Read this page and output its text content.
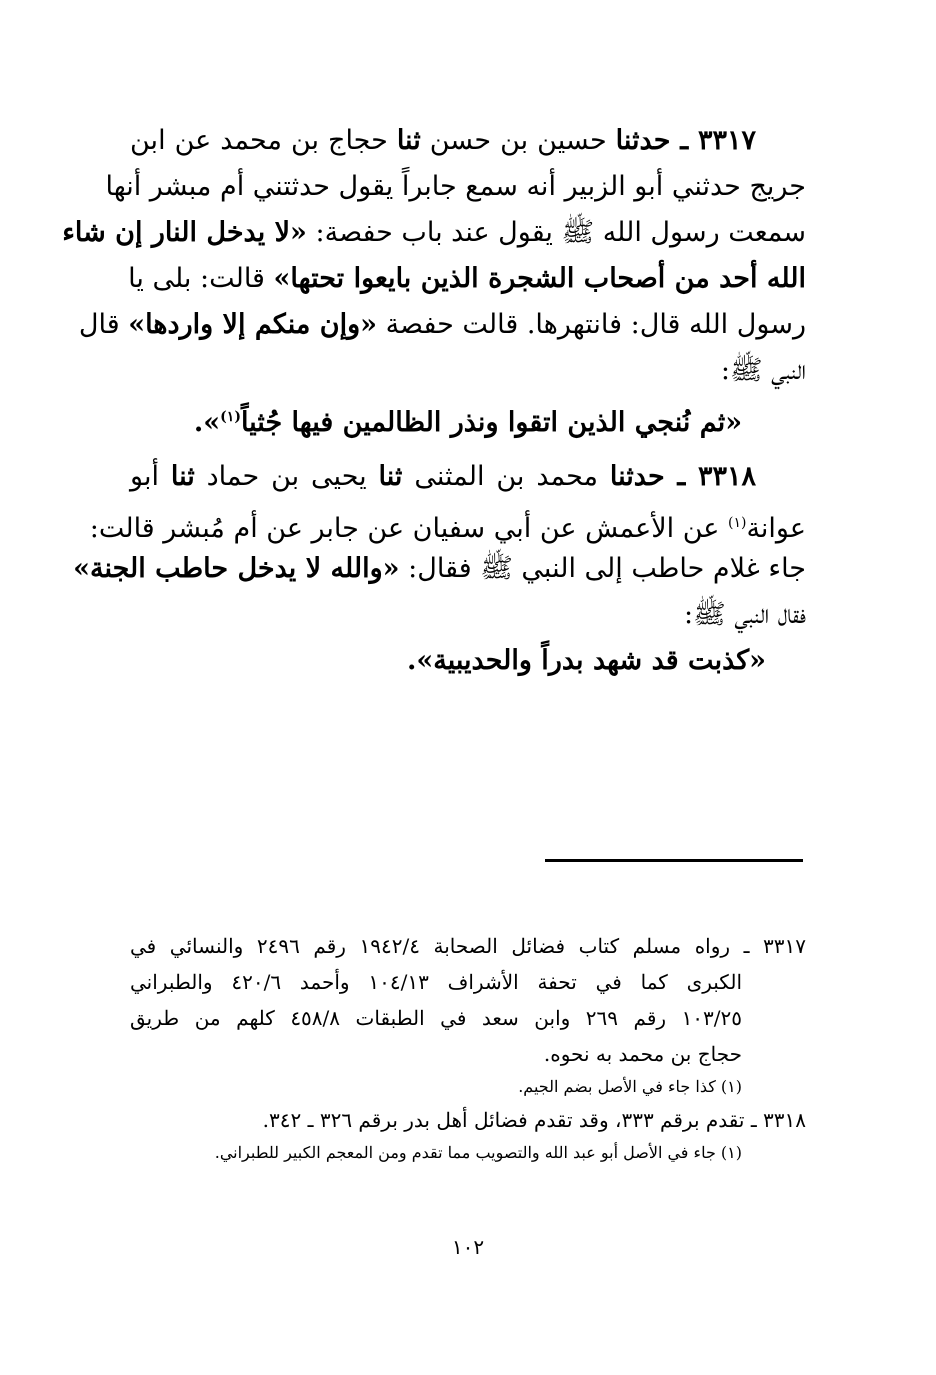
٣٣١٧ ـ حدثنا حسين بن حسن ثنا حجاج بن محمد عن ابن
جريج حدثني أبو الزبير أنه سمع جابراً يقول حدثتني أم مبشر أنها
سمعت رسول الله ﷺ يقول عند باب حفصة: «لا يدخل النار إن شاء
الله أحد من أصحاب الشجرة الذين بايعوا تحتها» قالت: بلى يا
رسول الله قال: فانتهرها. قالت حفصة «وإن منكم إلا واردها» قال
النبي ﷺ:
«ثم نُنجي الذين اتقوا ونذر الظالمين فيها جُثياً$^{(١)}$».
٣٣١٨ ـ حدثنا محمد بن المثنى ثنا يحيى بن حماد ثنا أبو
عوانة$^{(١)}$ عن الأعمش عن أبي سفيان عن جابر عن أم مُبشر قالت:
جاء غلام حاطب إلى النبي ﷺ فقال: «والله لا يدخل حاطب الجنة»
فقال النبي ﷺ:
«كذبت قد شهد بدراً والحديبية».
٣٣١٧ ـ رواه مسلم كتاب فضائل الصحابة ١٩٤٢/٤ رقم ٢٤٩٦ والنسائي في
الكبرى كما في تحفة الأشراف ١٠٤/١٣ وأحمد ٤٢٠/٦ والطبراني
١٠٣/٢٥ رقم ٢٦٩ وابن سعد في الطبقات ٤٥٨/٨ كلهم من طريق
حجاج بن محمد به نحوه.
(١) كذا جاء في الأصل بضم الجيم.
٣٣١٨ ـ تقدم برقم ٣٣٣، وقد تقدم فضائل أهل بدر برقم ٣٢٦ ـ ٣٤٢.
(١) جاء في الأصل أبو عبد الله والتصويب مما تقدم ومن المعجم الكبير للطبراني.
١٠٢
